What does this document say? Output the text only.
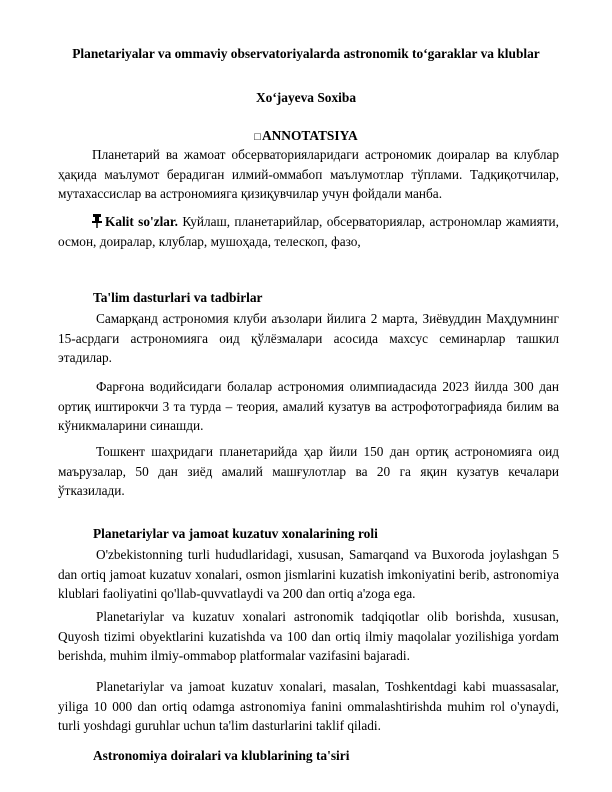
Planetariyalar va ommaviy observatoriyalarda astronomik to‘garaklar va klublar
Xo‘jayeva Soxiba
□ANNOTATSIYA
Планетарий ва жамоат обсерваторияларидаги астрономик доиралар ва клублар ҳақида маълумот берадиган илмий-оммабоп маълумотлар тўплами. Тадқиқотчилар, мутахассислар ва астрономияга қизиқувчилар учун фойдали манба.
Kalit so'zlar. Куйлаш, планетарийлар, обсерваториялар, астрономлар жамияти, осмон, доиралар, клублар, мушоҳада, телескоп, фазо,
Ta'lim dasturlari va tadbirlar
Самарқанд астрономия клуби аъзолари йилига 2 марта, Зиёвуддин Маҳдумнинг 15-асрдаги астрономияга оид қўлёзмалари асосида махсус семинарлар ташкил этадилар.
Фарғона водийсидаги болалар астрономия олимпиадасида 2023 йилда 300 дан ортиқ иштирокчи 3 та турда – теория, амалий кузатув ва астрофотографияда билим ва кўникмаларини синашди.
Тошкент шаҳридаги планетарийда ҳар йили 150 дан ортиқ астрономияга оид маърузалар, 50 дан зиёд амалий машғулотлар ва 20 га яқин кузатув кечалари ўтказилади.
Planetariylar va jamoat kuzatuv xonalarining roli
O'zbekistonning turli hududlaridagi, xususan, Samarqand va Buxoroda joylashgan 5 dan ortiq jamoat kuzatuv xonalari, osmon jismlarini kuzatish imkoniyatini berib, astronomiya klublari faoliyatini qo'llab-quvvatlaydi va 200 dan ortiq a'zoga ega.
Planetariylar va kuzatuv xonalari astronomik tadqiqotlar olib borishda, xususan, Quyosh tizimi obyektlarini kuzatishda va 100 dan ortiq ilmiy maqolalar yozilishiga yordam berishda, muhim ilmiy-ommabop platformalar vazifasini bajaradi.
Planetariylar va jamoat kuzatuv xonalari, masalan, Toshkentdagi kabi muassasalar, yiliga 10 000 dan ortiq odamga astronomiya fanini ommalashtirishda muhim rol o'ynaydi, turli yoshdagi guruhlar uchun ta'lim dasturlarini taklif qiladi.
Astronomiya doiralari va klublarining ta'siri
